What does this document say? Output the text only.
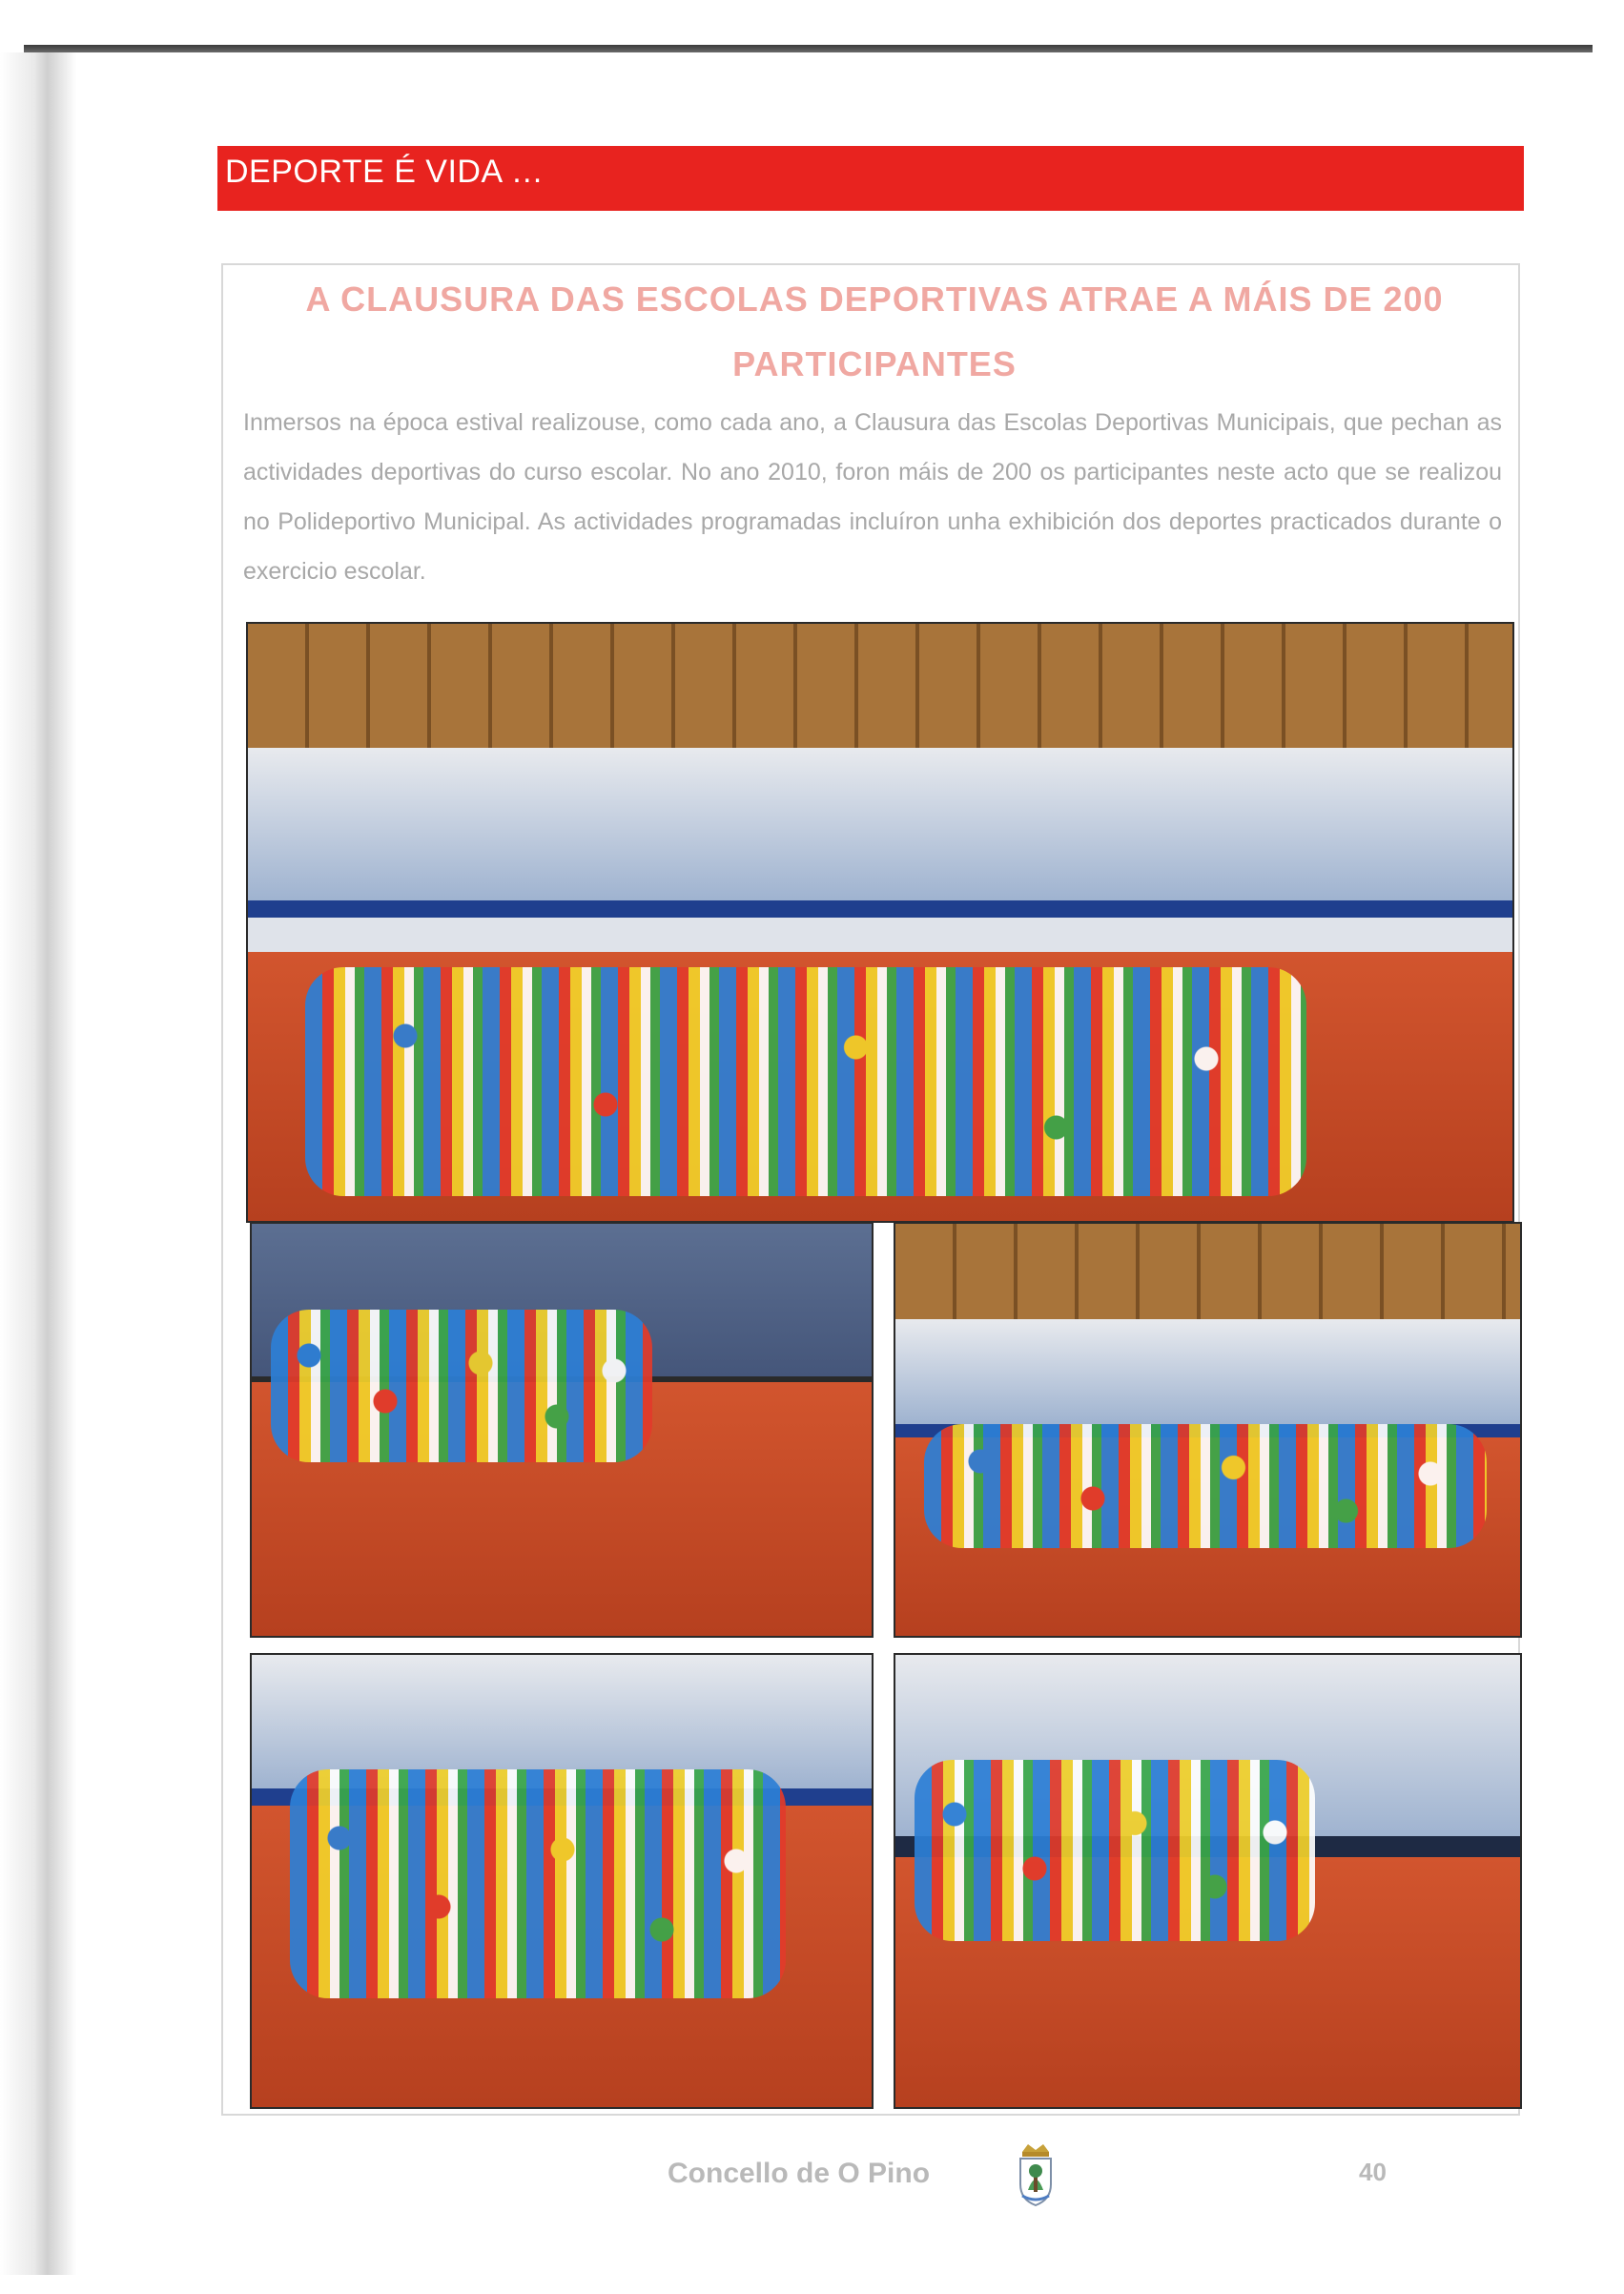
DEPORTE É VIDA …
A CLAUSURA DAS ESCOLAS DEPORTIVAS ATRAE A MÁIS DE 200 PARTICIPANTES

Inmersos na época estival realizouse, como cada ano, a Clausura das Escolas Deportivas Municipais, que pechan as actividades deportivas do curso escolar. No ano 2010, foron máis de 200 os participantes neste acto que se realizou no Polideportivo Municipal. As actividades programadas incluíron unha exhibición dos deportes practicados durante o exercicio escolar.

Concello de O Pino	40
